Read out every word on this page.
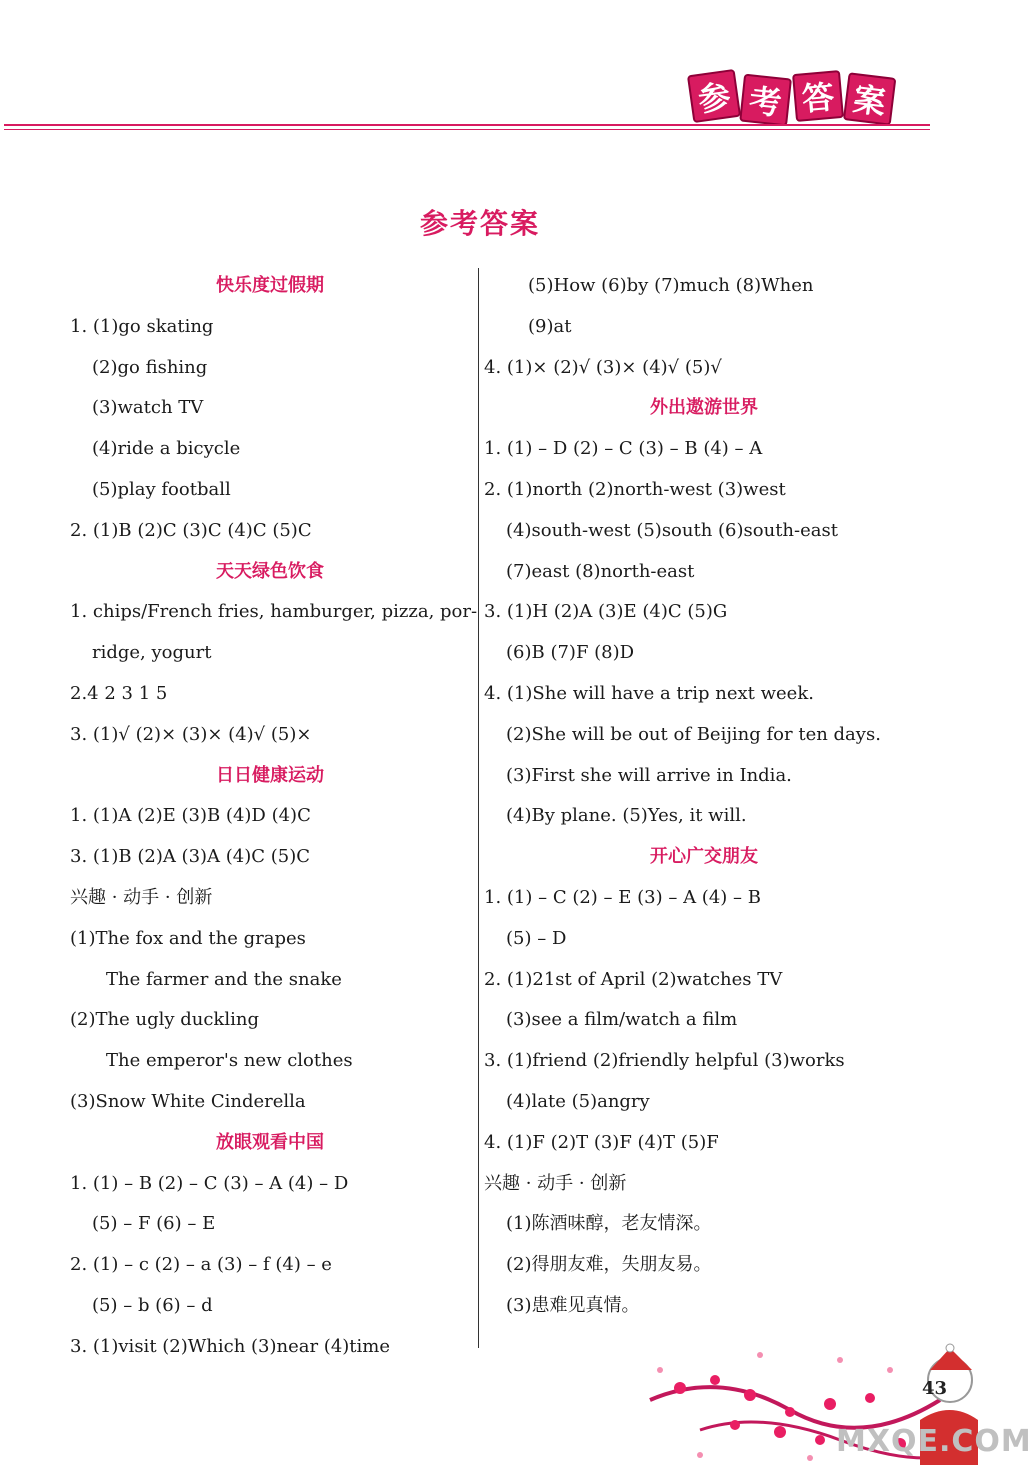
参 考 答 案
参考答案
快乐度过假期
1. (1)go skating
(2)go fishing
(3)watch TV
(4)ride a bicycle
(5)play football
2. (1)B (2)C (3)C (4)C (5)C
天天绿色饮食
1. chips/French fries, hamburger, pizza, por-
ridge, yogurt
2.4 2 3 1 5
3. (1)√ (2)× (3)× (4)√ (5)×
日日健康运动
1. (1)A (2)E (3)B (4)D (4)C
3. (1)B (2)A (3)A (4)C (5)C
兴趣 · 动手 · 创新
(1)The fox and the grapes
The farmer and the snake
(2)The ugly duckling
The emperor's new clothes
(3)Snow White Cinderella
放眼观看中国
1. (1) – B (2) – C (3) – A (4) – D
(5) – F (6) – E
2. (1) – c (2) – a (3) – f (4) – e
(5) – b (6) – d
3. (1)visit (2)Which (3)near (4)time
(5)How (6)by (7)much (8)When
(9)at
4. (1)× (2)√ (3)× (4)√ (5)√
外出遨游世界
1. (1) – D (2) – C (3) – B (4) – A
2. (1)north (2)north-west (3)west
(4)south-west (5)south (6)south-east
(7)east (8)north-east
3. (1)H (2)A (3)E (4)C (5)G
(6)B (7)F (8)D
4. (1)She will have a trip next week.
(2)She will be out of Beijing for ten days.
(3)First she will arrive in India.
(4)By plane. (5)Yes, it will.
开心广交朋友
1. (1) – C (2) – E (3) – A (4) – B
(5) – D
2. (1)21st of April (2)watches TV
(3)see a film/watch a film
3. (1)friend (2)friendly helpful (3)works
(4)late (5)angry
4. (1)F (2)T (3)F (4)T (5)F
兴趣 · 动手 · 创新
(1)陈酒味醇，老友情深。
(2)得朋友难，失朋友易。
(3)患难见真情。
43
MXQE.COM
